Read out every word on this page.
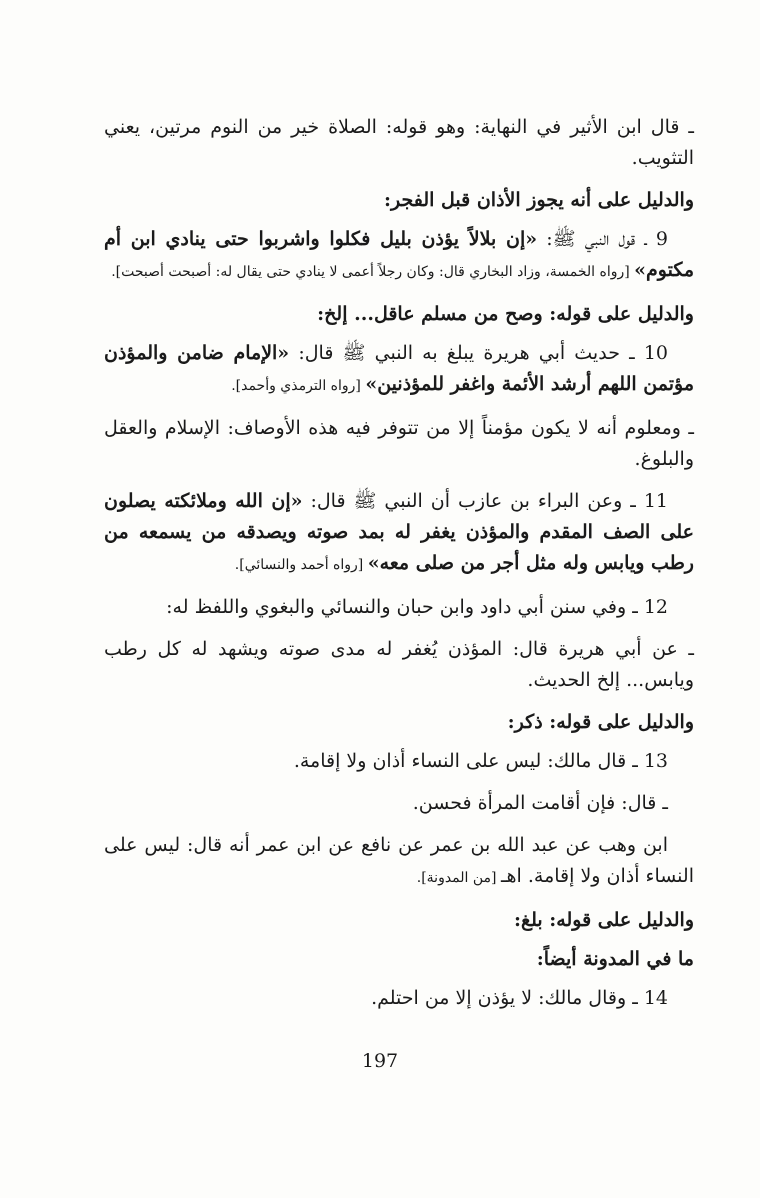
ـ قال ابن الأثير في النهاية: وهو قوله: الصلاة خير من النوم مرتين، يعني التثويب.

والدليل على أنه يجوز الأذان قبل الفجر:

9 ـ قول النبي ﷺ: «إن بلالاً يؤذن بليل فكلوا واشربوا حتى ينادي ابن أم مكتوم» [رواه الخمسة، وزاد البخاري قال: وكان رجلاً أعمى لا ينادي حتى يقال له: أصبحت أصبحت].

والدليل على قوله: وصح من مسلم عاقل... إلخ:

10 ـ حديث أبي هريرة يبلغ به النبي ﷺ قال: «الإمام ضامن والمؤذن مؤتمن اللهم أرشد الأئمة واغفر للمؤذنين» [رواه الترمذي وأحمد].

ـ ومعلوم أنه لا يكون مؤمناً إلا من تتوفر فيه هذه الأوصاف: الإسلام والعقل والبلوغ.

11 ـ وعن البراء بن عازب أن النبي ﷺ قال: «إن الله وملائكته يصلون على الصف المقدم والمؤذن يغفر له بمد صوته ويصدقه من يسمعه من رطب ويابس وله مثل أجر من صلى معه» [رواه أحمد والنسائي].

12 ـ وفي سنن أبي داود وابن حبان والنسائي والبغوي واللفظ له:

ـ عن أبي هريرة قال: المؤذن يُغفر له مدى صوته ويشهد له كل رطب ويابس... إلخ الحديث.

والدليل على قوله: ذكر:

13 ـ قال مالك: ليس على النساء أذان ولا إقامة.

ـ قال: فإن أقامت المرأة فحسن.

ابن وهب عن عبد الله بن عمر عن نافع عن ابن عمر أنه قال: ليس على النساء أذان ولا إقامة. اهـ [من المدونة].

والدليل على قوله: بلغ:

ما في المدونة أيضاً:

14 ـ وقال مالك: لا يؤذن إلا من احتلم.

197
